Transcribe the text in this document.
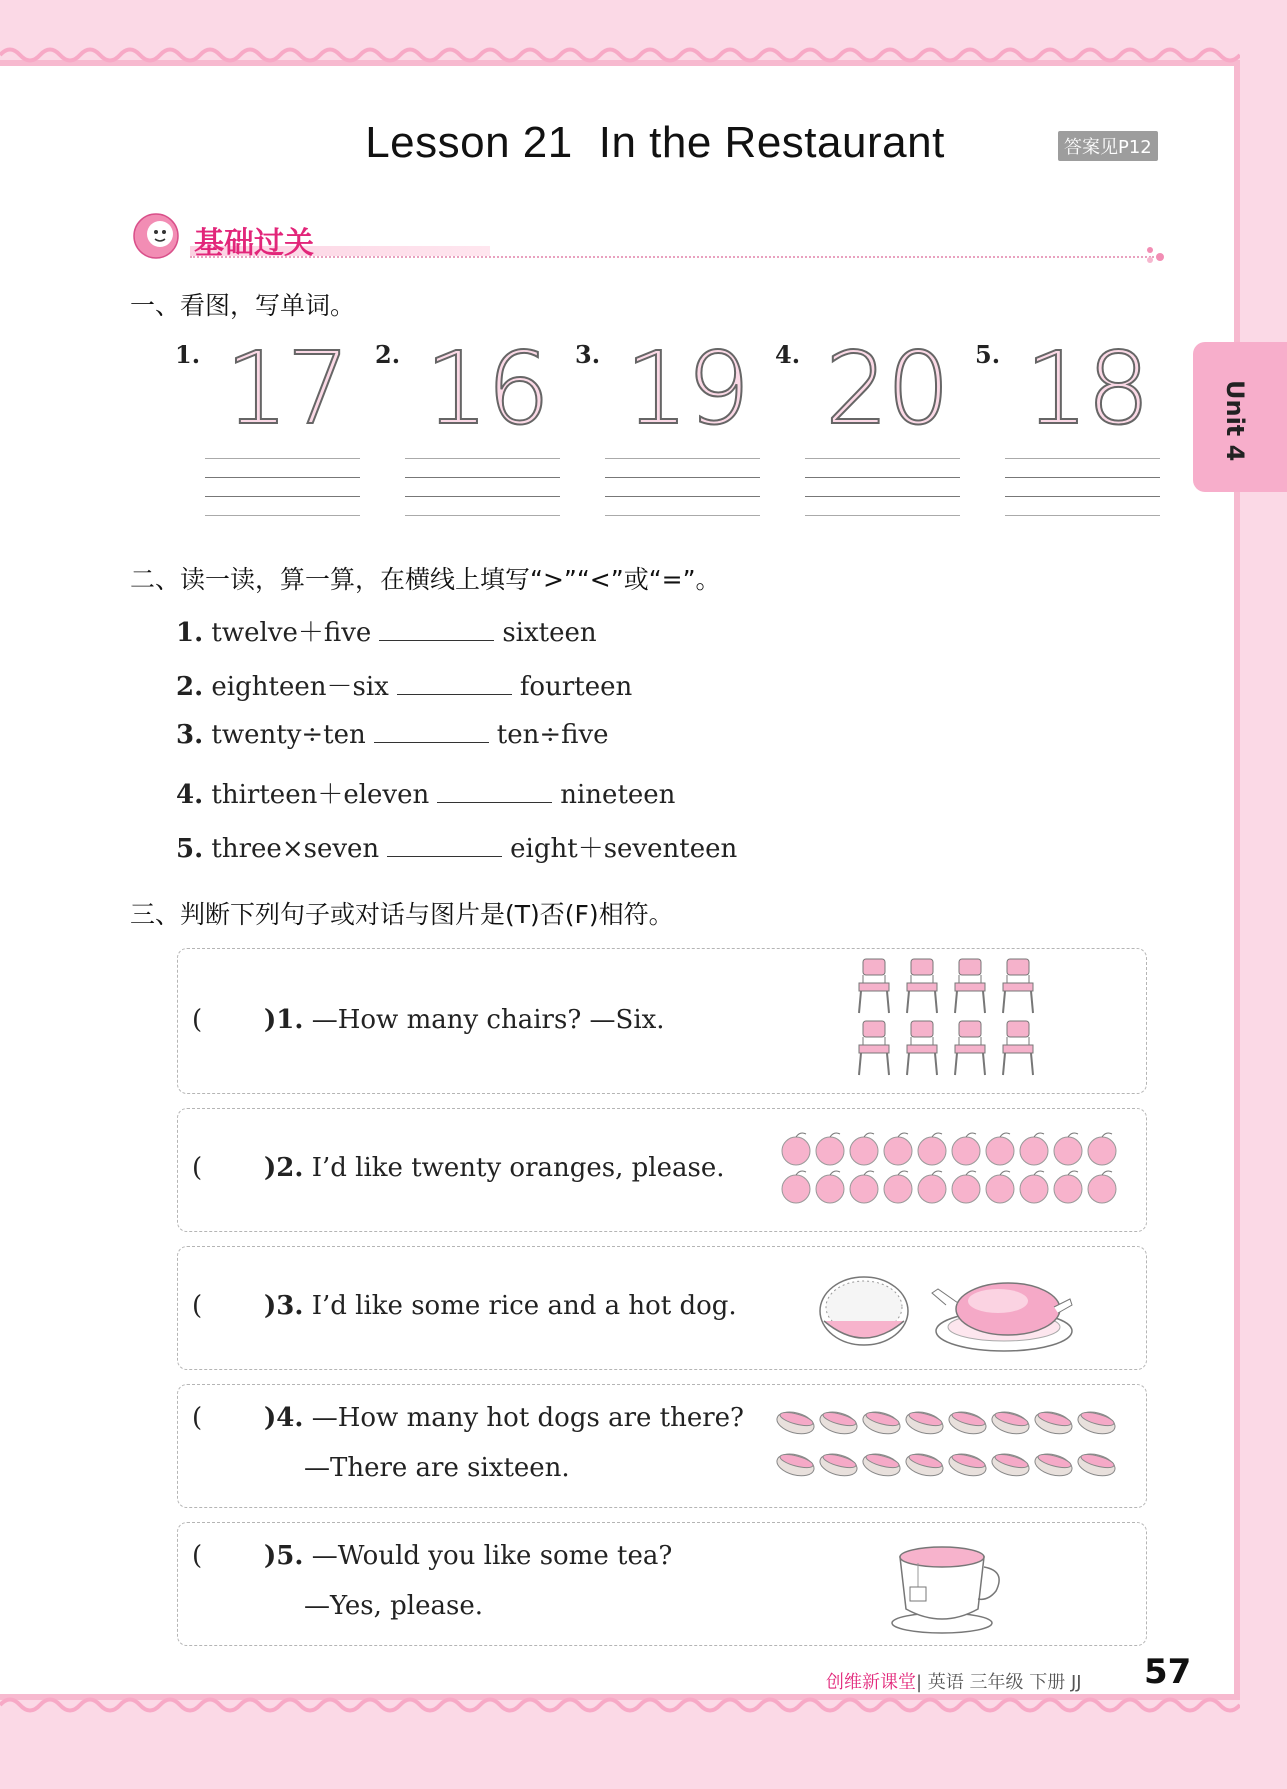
Unit 4
Lesson 21 In the Restaurant	答案见P12
基础过关
一、看图，写单词。
1. 17 2. 16 3. 19 4. 20 5. 18
二、读一读，算一算，在横线上填写“>”“<”或“=”。
1. twelve＋five	sixteen
2. eighteen－six	fourteen
3. twenty÷ten	ten÷five
4. thirteen＋eleven	nineteen
5. three×seven	eight＋seventeen
三、判断下列句子或对话与图片是(T)否(F)相符。
( )1. —How many chairs? —Six.
( )2. I’d like twenty oranges, please.
( )3. I’d like some rice and a hot dog.
( )4. —How many hot dogs are there?
—There are sixteen.
( )5. —Would you like some tea?
—Yes, please.
创维新课堂| 英语 三年级 下册 JJ 57
